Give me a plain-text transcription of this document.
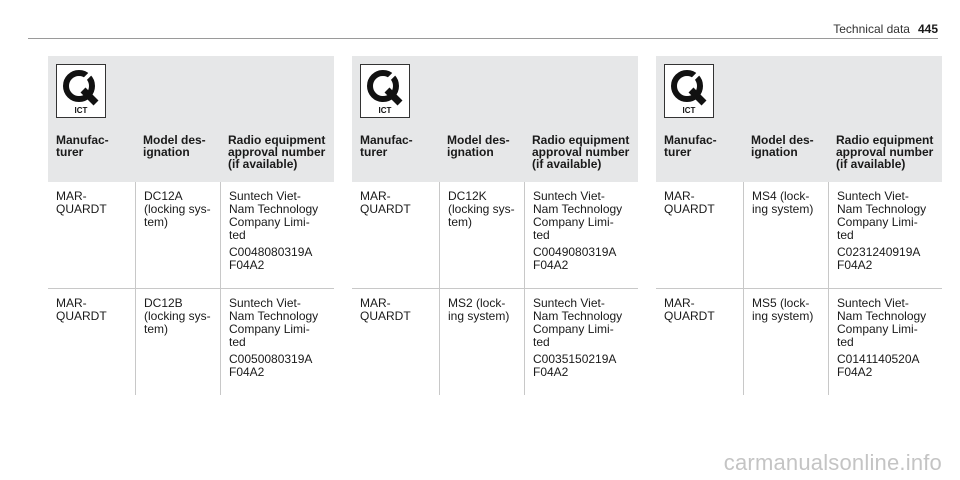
Technical data 445
ICT
Manufac-
turer
Model des-
ignation
Radio equipment
approval number
(if available)
MAR-
QUARDT
DC12A
(locking sys-
tem)
Suntech Viet-
Nam Technology
Company Limi-
ted
C0048080319A
F04A2
MAR-
QUARDT
DC12B
(locking sys-
tem)
Suntech Viet-
Nam Technology
Company Limi-
ted
C0050080319A
F04A2
ICT
Manufac-
turer
Model des-
ignation
Radio equipment
approval number
(if available)
MAR-
QUARDT
DC12K
(locking sys-
tem)
Suntech Viet-
Nam Technology
Company Limi-
ted
C0049080319A
F04A2
MAR-
QUARDT
MS2 (lock-
ing system)
Suntech Viet-
Nam Technology
Company Limi-
ted
C0035150219A
F04A2
ICT
Manufac-
turer
Model des-
ignation
Radio equipment
approval number
(if available)
MAR-
QUARDT
MS4 (lock-
ing system)
Suntech Viet-
Nam Technology
Company Limi-
ted
C0231240919A
F04A2
MAR-
QUARDT
MS5 (lock-
ing system)
Suntech Viet-
Nam Technology
Company Limi-
ted
C0141140520A
F04A2
carmanualsonline.info
